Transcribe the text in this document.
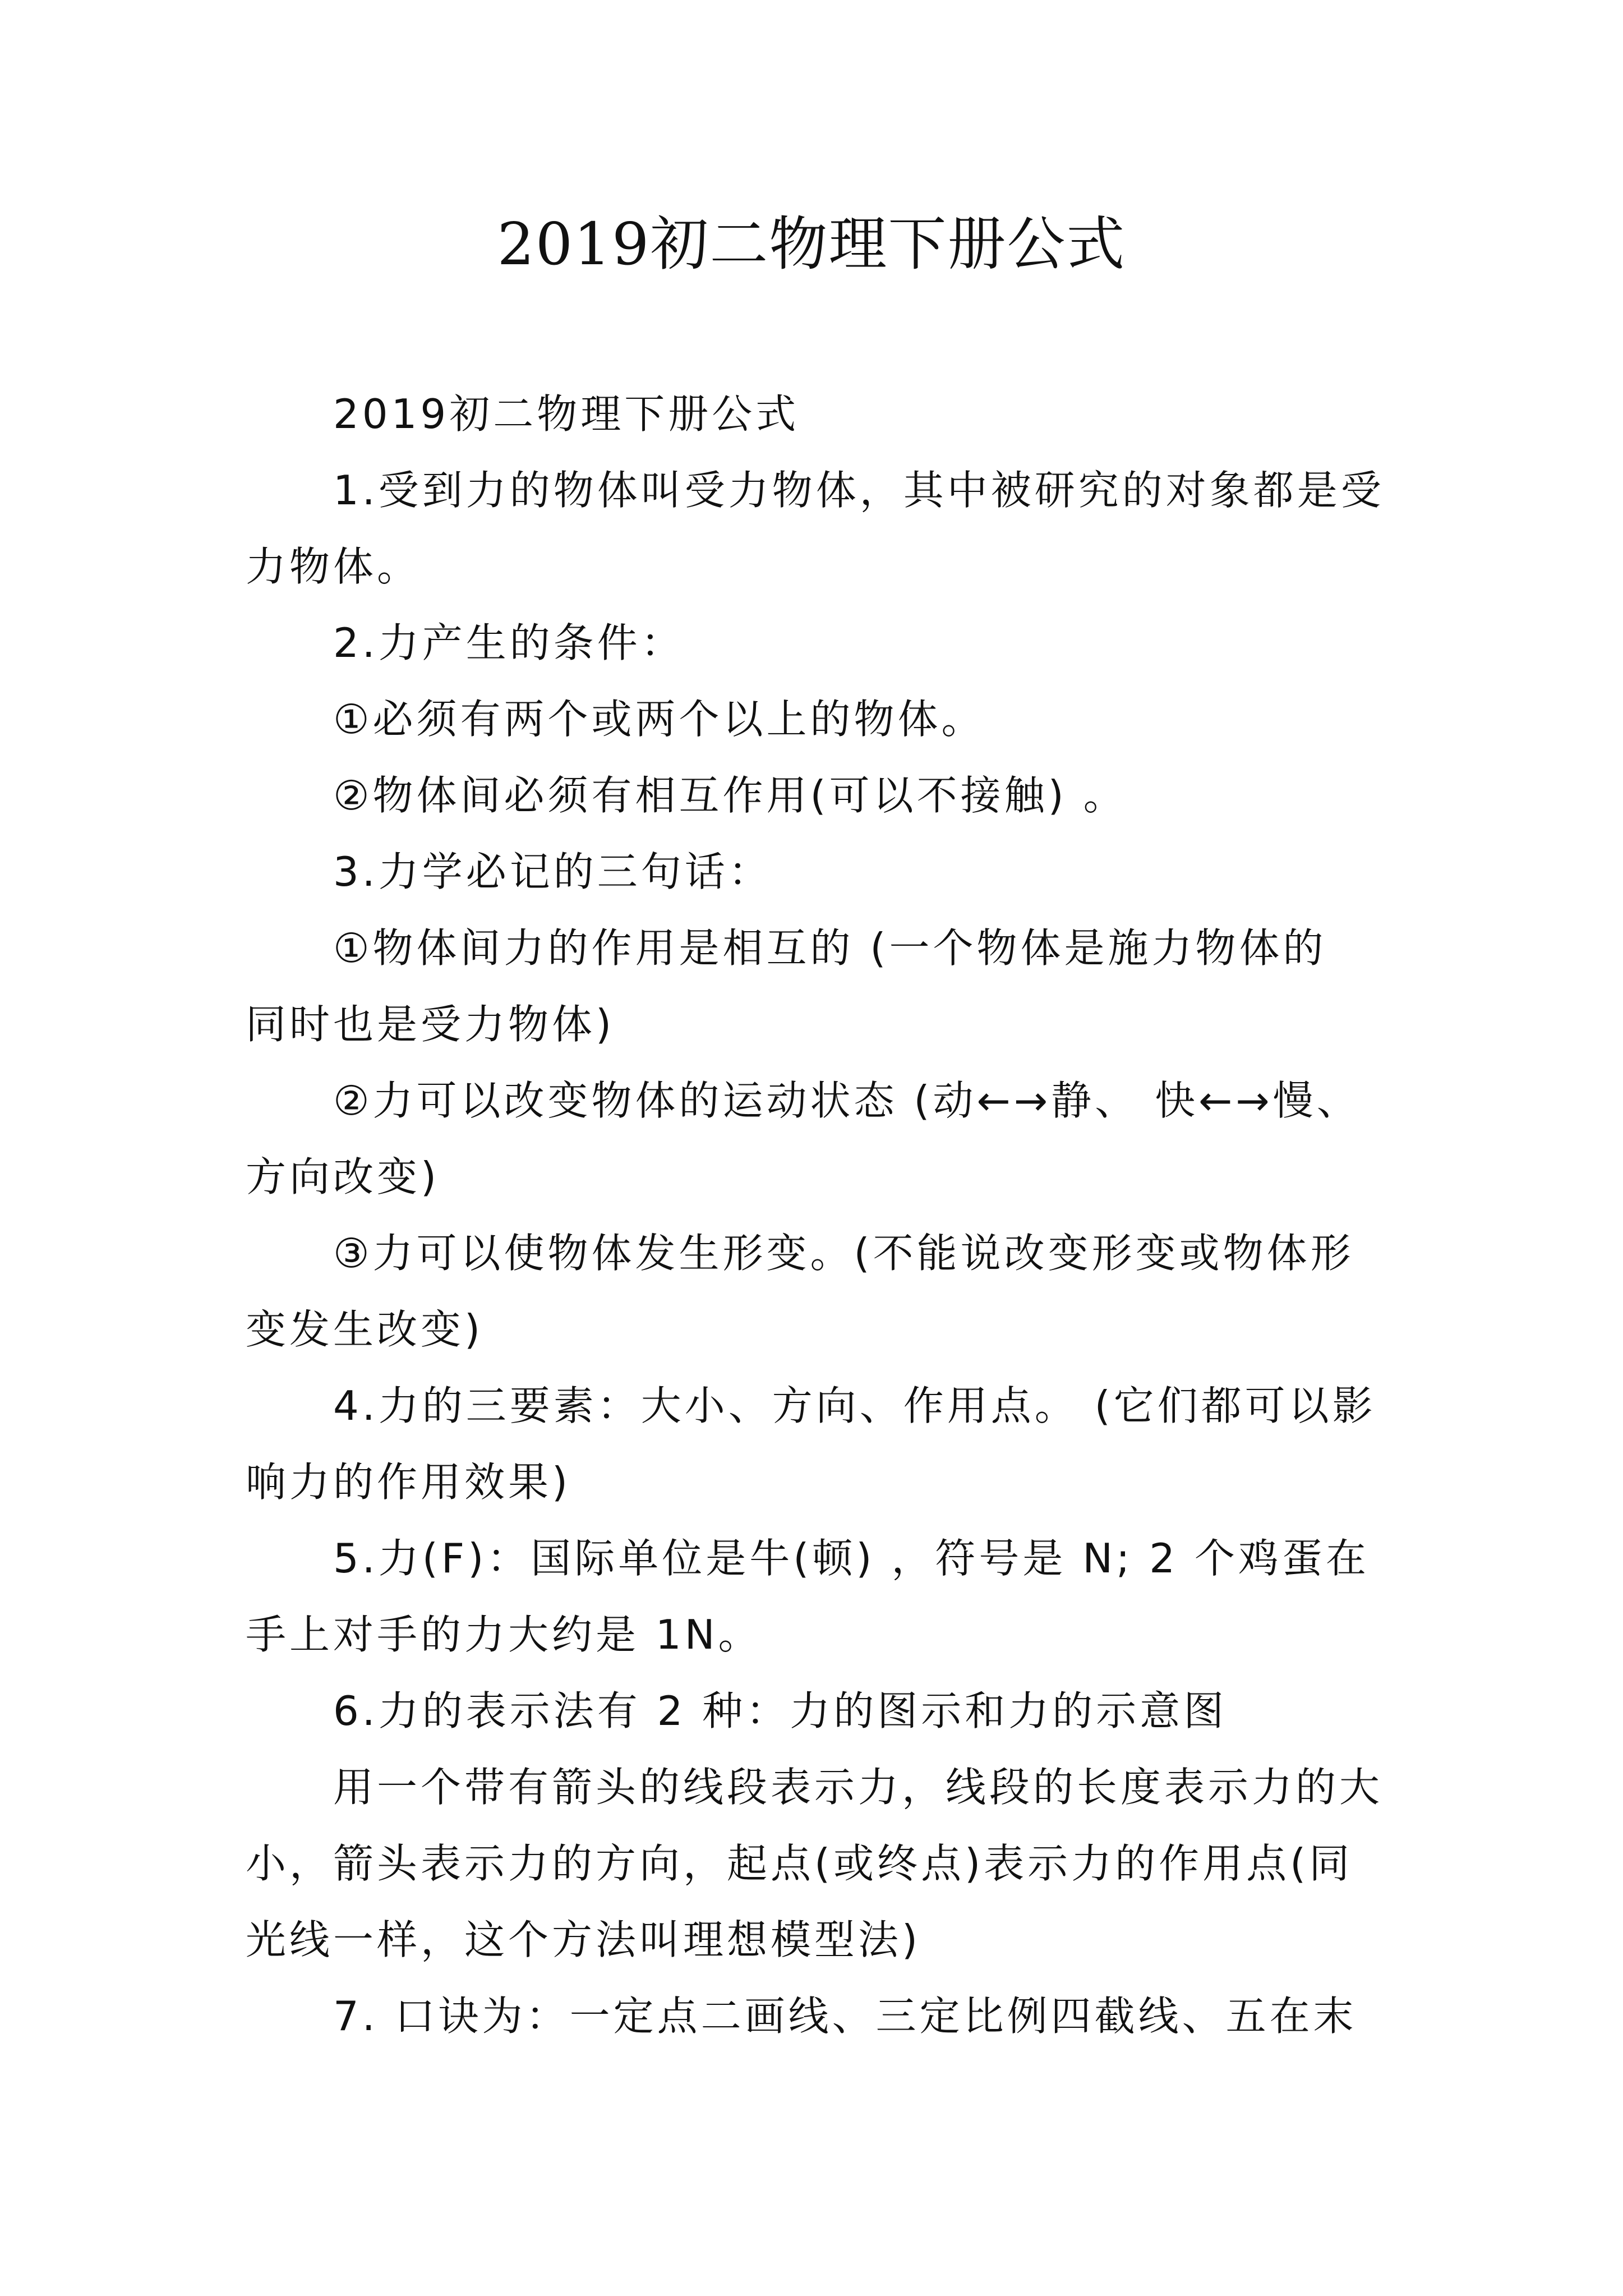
2019初二物理下册公式

2019初二物理下册公式

1.受到力的物体叫受力物体，其中被研究的对象都是受

力物体。

2.力产生的条件：

①必须有两个或两个以上的物体。

②物体间必须有相互作用(可以不接触) 。

3.力学必记的三句话：

①物体间力的作用是相互的 (一个物体是施力物体的

同时也是受力物体)

②力可以改变物体的运动状态 (动←→静、 快←→慢、

方向改变)

③力可以使物体发生形变。(不能说改变形变或物体形

变发生改变)

4.力的三要素：大小、方向、作用点。 (它们都可以影

响力的作用效果)

5.力(F)：国际单位是牛(顿) ，符号是 N; 2 个鸡蛋在

手上对手的力大约是 1N。

6.力的表示法有 2 种：力的图示和力的示意图

用一个带有箭头的线段表示力，线段的长度表示力的大

小，箭头表示力的方向，起点(或终点)表示力的作用点(同

光线一样，这个方法叫理想模型法)

7. 口诀为：一定点二画线、三定比例四截线、五在末
